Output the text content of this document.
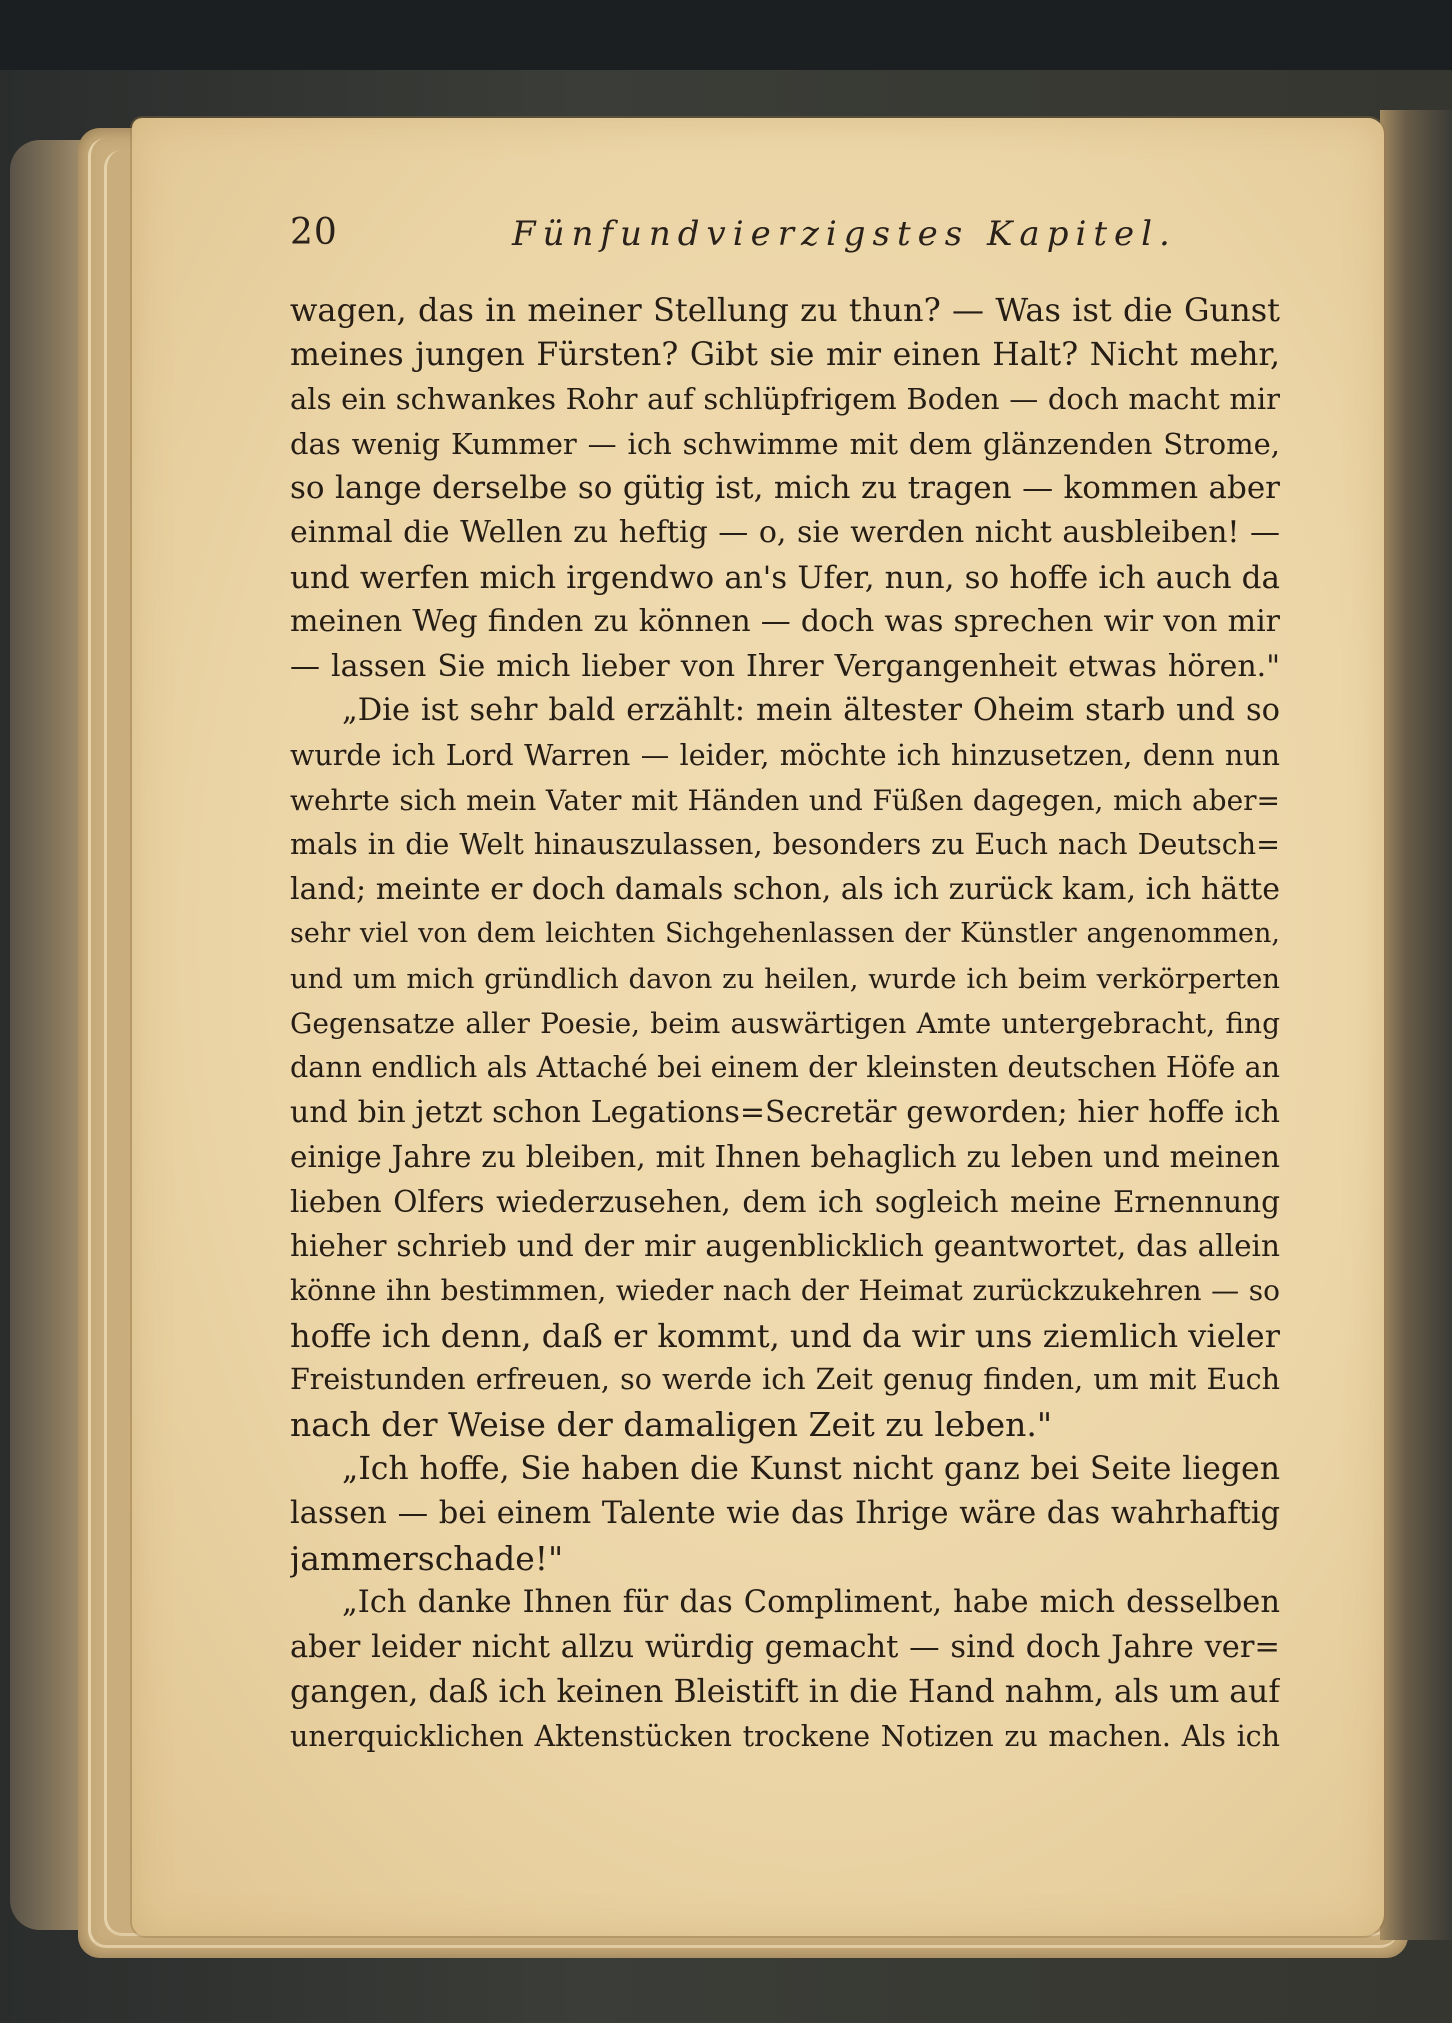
20	Fünfundvierzigstes Kapitel.
wagen, das in meiner Stellung zu thun? — Was ist die Gunst
meines jungen Fürsten? Gibt sie mir einen Halt? Nicht mehr,
als ein schwankes Rohr auf schlüpfrigem Boden — doch macht mir
das wenig Kummer — ich schwimme mit dem glänzenden Strome,
so lange derselbe so gütig ist, mich zu tragen — kommen aber
einmal die Wellen zu heftig — o, sie werden nicht ausbleiben! —
und werfen mich irgendwo an's Ufer, nun, so hoffe ich auch da
meinen Weg finden zu können — doch was sprechen wir von mir
— lassen Sie mich lieber von Ihrer Vergangenheit etwas hören."
„Die ist sehr bald erzählt: mein ältester Oheim starb und so
wurde ich Lord Warren — leider, möchte ich hinzusetzen, denn nun
wehrte sich mein Vater mit Händen und Füßen dagegen, mich aber=
mals in die Welt hinauszulassen, besonders zu Euch nach Deutsch=
land; meinte er doch damals schon, als ich zurück kam, ich hätte
sehr viel von dem leichten Sichgehenlassen der Künstler angenommen,
und um mich gründlich davon zu heilen, wurde ich beim verkörperten
Gegensatze aller Poesie, beim auswärtigen Amte untergebracht, fing
dann endlich als Attaché bei einem der kleinsten deutschen Höfe an
und bin jetzt schon Legations=Secretär geworden; hier hoffe ich
einige Jahre zu bleiben, mit Ihnen behaglich zu leben und meinen
lieben Olfers wiederzusehen, dem ich sogleich meine Ernennung
hieher schrieb und der mir augenblicklich geantwortet, das allein
könne ihn bestimmen, wieder nach der Heimat zurückzukehren — so
hoffe ich denn, daß er kommt, und da wir uns ziemlich vieler
Freistunden erfreuen, so werde ich Zeit genug finden, um mit Euch
nach der Weise der damaligen Zeit zu leben."
„Ich hoffe, Sie haben die Kunst nicht ganz bei Seite liegen
lassen — bei einem Talente wie das Ihrige wäre das wahrhaftig
jammerschade!"
„Ich danke Ihnen für das Compliment, habe mich desselben
aber leider nicht allzu würdig gemacht — sind doch Jahre ver=
gangen, daß ich keinen Bleistift in die Hand nahm, als um auf
unerquicklichen Aktenstücken trockene Notizen zu machen. Als ich
